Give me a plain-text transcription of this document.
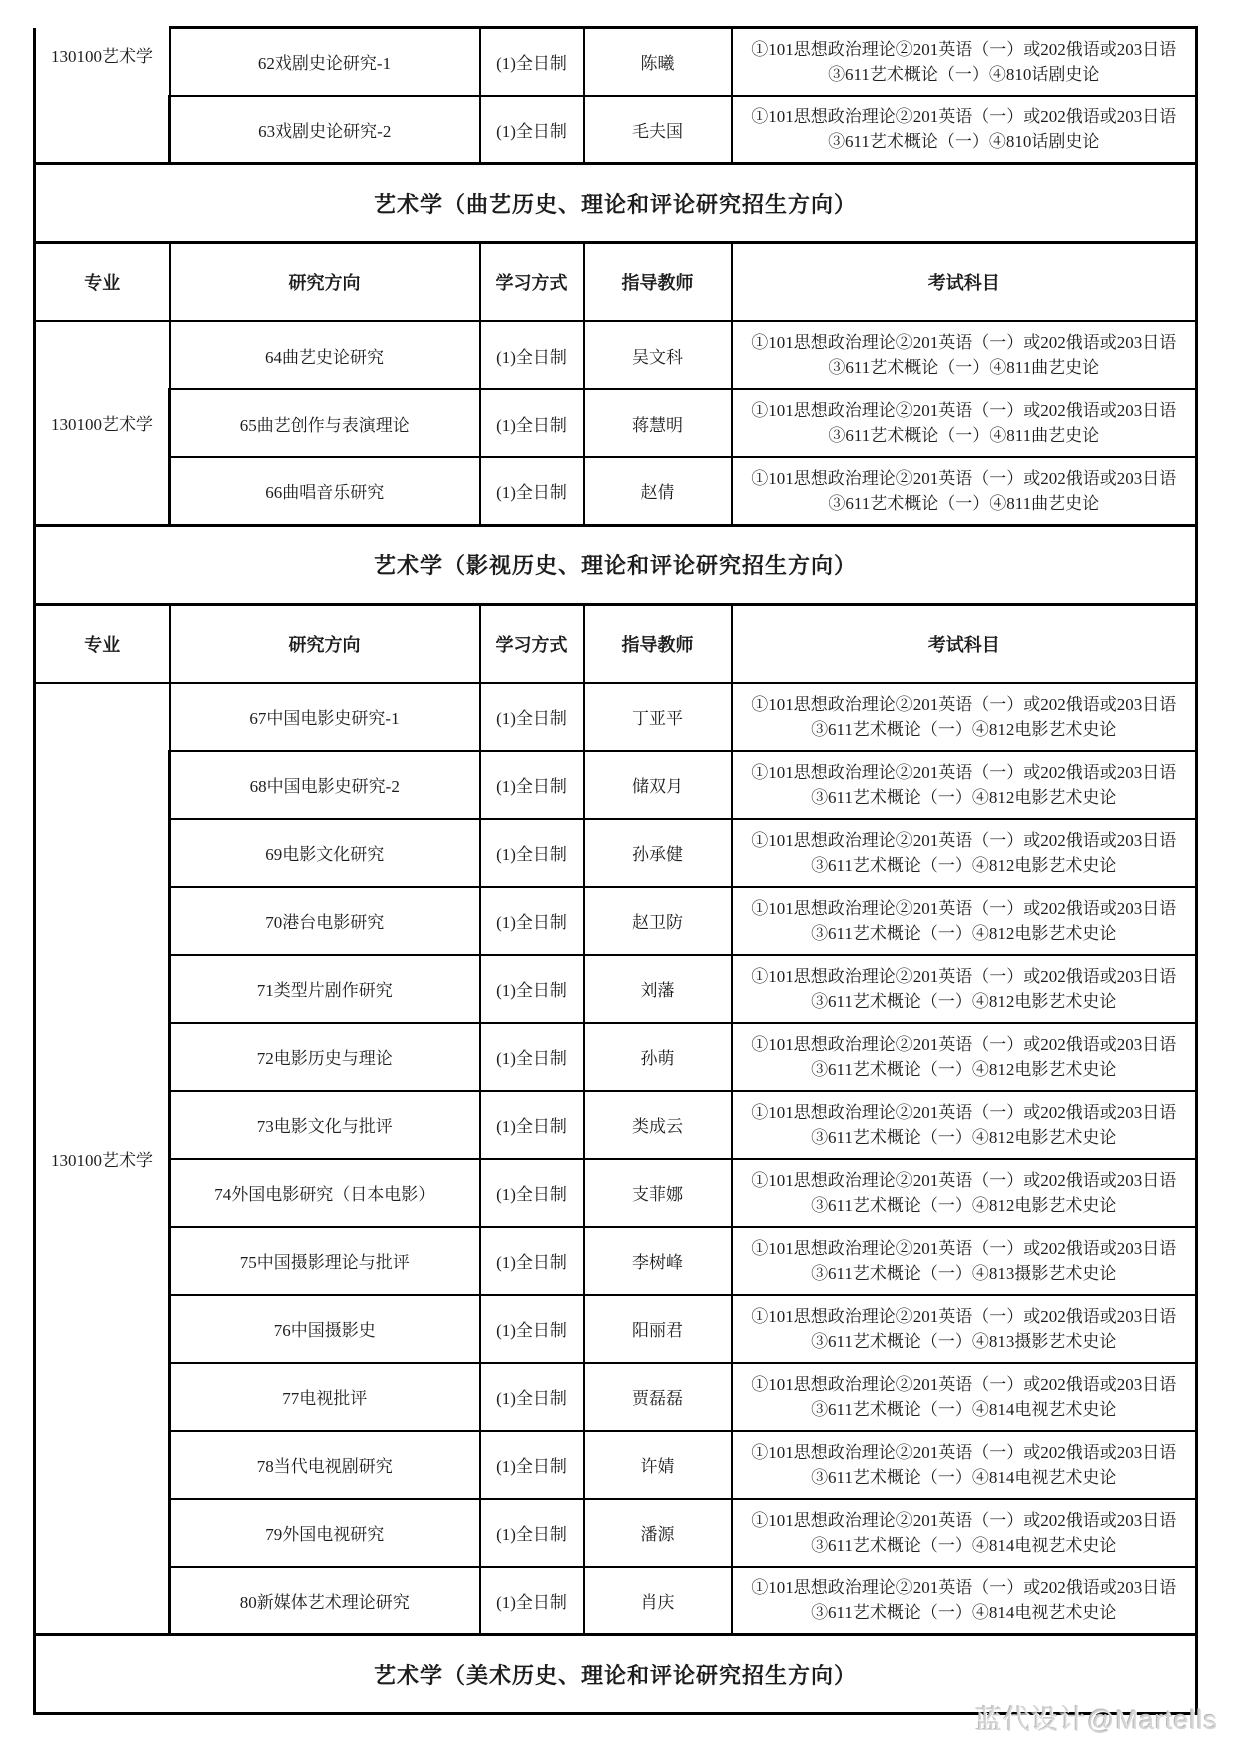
130100艺术学	62戏剧史论研究-1	(1)全日制	陈曦	①101思想政治理论②201英语（一）或202俄语或203日语
③611艺术概论（一）④810话剧史论

	63戏剧史论研究-2	(1)全日制	毛夫国	①101思想政治理论②201英语（一）或202俄语或203日语
③611艺术概论（一）④810话剧史论

艺术学（曲艺历史、理论和评论研究招生方向）				
专业	研究方向	学习方式	指导教师	考试科目
130100艺术学	64曲艺史论研究	(1)全日制	吴文科	①101思想政治理论②201英语（一）或202俄语或203日语
③611艺术概论（一）④811曲艺史论

	65曲艺创作与表演理论	(1)全日制	蒋慧明	①101思想政治理论②201英语（一）或202俄语或203日语
③611艺术概论（一）④811曲艺史论

	66曲唱音乐研究	(1)全日制	赵倩	①101思想政治理论②201英语（一）或202俄语或203日语
③611艺术概论（一）④811曲艺史论

艺术学（影视历史、理论和评论研究招生方向）				
专业	研究方向	学习方式	指导教师	考试科目
130100艺术学	67中国电影史研究-1	(1)全日制	丁亚平	①101思想政治理论②201英语（一）或202俄语或203日语
③611艺术概论（一）④812电影艺术史论

	68中国电影史研究-2	(1)全日制	储双月	①101思想政治理论②201英语（一）或202俄语或203日语
③611艺术概论（一）④812电影艺术史论

	69电影文化研究	(1)全日制	孙承健	①101思想政治理论②201英语（一）或202俄语或203日语
③611艺术概论（一）④812电影艺术史论

	70港台电影研究	(1)全日制	赵卫防	①101思想政治理论②201英语（一）或202俄语或203日语
③611艺术概论（一）④812电影艺术史论

	71类型片剧作研究	(1)全日制	刘藩	①101思想政治理论②201英语（一）或202俄语或203日语
③611艺术概论（一）④812电影艺术史论

	72电影历史与理论	(1)全日制	孙萌	①101思想政治理论②201英语（一）或202俄语或203日语
③611艺术概论（一）④812电影艺术史论

	73电影文化与批评	(1)全日制	类成云	①101思想政治理论②201英语（一）或202俄语或203日语
③611艺术概论（一）④812电影艺术史论

	74外国电影研究（日本电影）	(1)全日制	支菲娜	①101思想政治理论②201英语（一）或202俄语或203日语
③611艺术概论（一）④812电影艺术史论

	75中国摄影理论与批评	(1)全日制	李树峰	①101思想政治理论②201英语（一）或202俄语或203日语
③611艺术概论（一）④813摄影艺术史论

	76中国摄影史	(1)全日制	阳丽君	①101思想政治理论②201英语（一）或202俄语或203日语
③611艺术概论（一）④813摄影艺术史论

	77电视批评	(1)全日制	贾磊磊	①101思想政治理论②201英语（一）或202俄语或203日语
③611艺术概论（一）④814电视艺术史论

	78当代电视剧研究	(1)全日制	许婧	①101思想政治理论②201英语（一）或202俄语或203日语
③611艺术概论（一）④814电视艺术史论

	79外国电视研究	(1)全日制	潘源	①101思想政治理论②201英语（一）或202俄语或203日语
③611艺术概论（一）④814电视艺术史论

	80新媒体艺术理论研究	(1)全日制	肖庆	①101思想政治理论②201英语（一）或202俄语或203日语
③611艺术概论（一）④814电视艺术史论

艺术学（美术历史、理论和评论研究招生方向）				
蓝代设计@Martells
